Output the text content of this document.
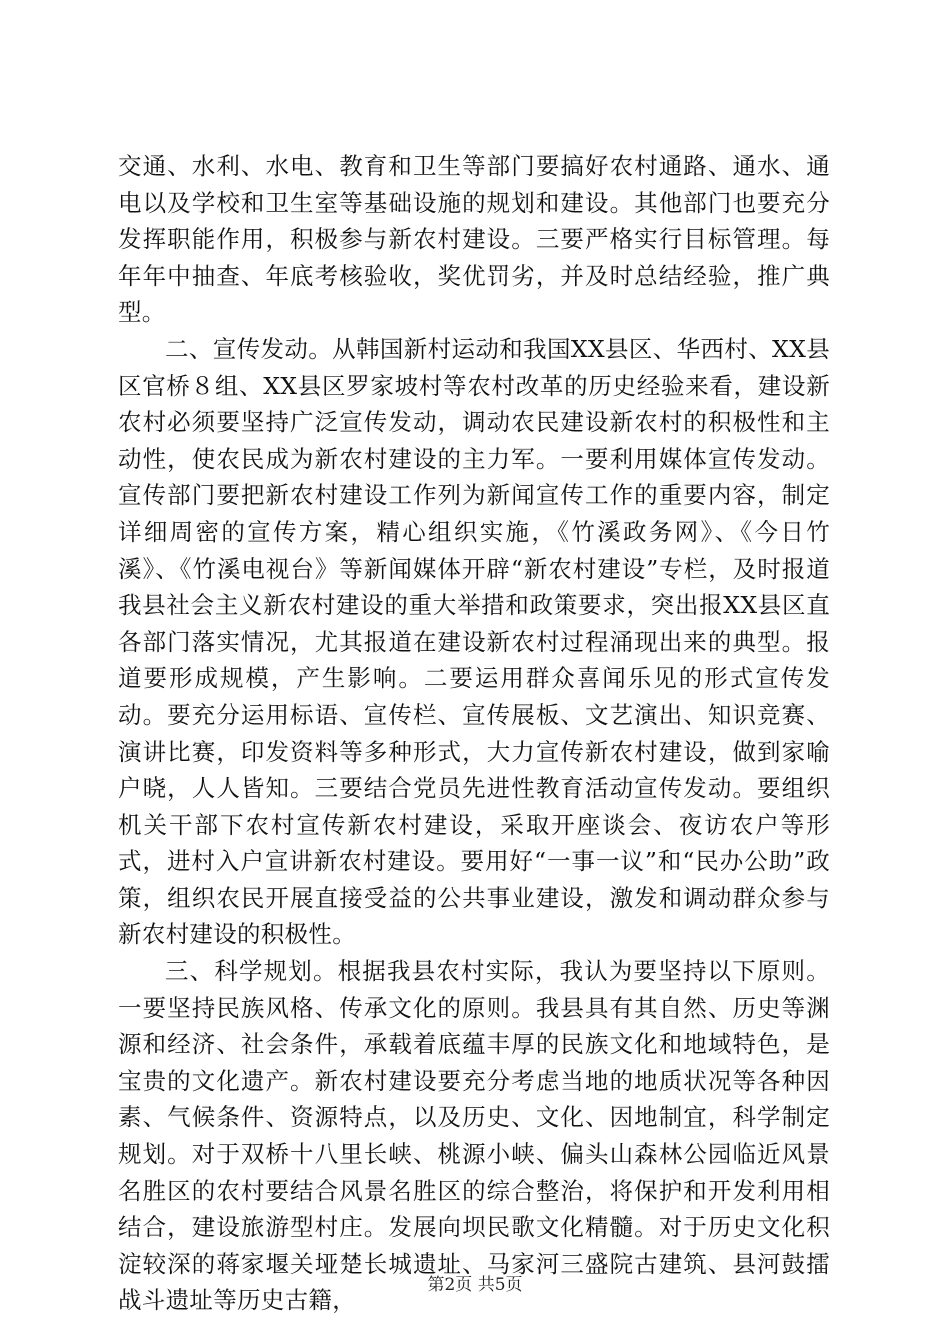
交通、水利、水电、教育和卫生等部门要搞好农村通路、通水、通电以及学校和卫生室等基础设施的规划和建设。其他部门也要充分发挥职能作用，积极参与新农村建设。三要严格实行目标管理。每年年中抽查、年底考核验收，奖优罚劣，并及时总结经验，推广典型。

二、宣传发动。从韩国新村运动和我国XX县区、华西村、XX县区官桥８组、XX县区罗家坡村等农村改革的历史经验来看，建设新农村必须要坚持广泛宣传发动，调动农民建设新农村的积极性和主动性，使农民成为新农村建设的主力军。一要利用媒体宣传发动。宣传部门要把新农村建设工作列为新闻宣传工作的重要内容，制定详细周密的宣传方案，精心组织实施，《竹溪政务网》、《今日竹溪》、《竹溪电视台》等新闻媒体开辟“新农村建设”专栏，及时报道我县社会主义新农村建设的重大举措和政策要求，突出报XX县区直各部门落实情况，尤其报道在建设新农村过程涌现出来的典型。报道要形成规模，产生影响。二要运用群众喜闻乐见的形式宣传发动。要充分运用标语、宣传栏、宣传展板、文艺演出、知识竞赛、演讲比赛，印发资料等多种形式，大力宣传新农村建设，做到家喻户晓，人人皆知。三要结合党员先进性教育活动宣传发动。要组织机关干部下农村宣传新农村建设，采取开座谈会、夜访农户等形式，进村入户宣讲新农村建设。要用好“一事一议”和“民办公助”政策，组织农民开展直接受益的公共事业建设，激发和调动群众参与新农村建设的积极性。

三、科学规划。根据我县农村实际，我认为要坚持以下原则。一要坚持民族风格、传承文化的原则。我县具有其自然、历史等渊源和经济、社会条件，承载着底蕴丰厚的民族文化和地域特色，是宝贵的文化遗产。新农村建设要充分考虑当地的地质状况等各种因素、气候条件、资源特点，以及历史、文化、因地制宜，科学制定规划。对于双桥十八里长峡、桃源小峡、偏头山森林公园临近风景名胜区的农村要结合风景名胜区的综合整治，将保护和开发利用相结合，建设旅游型村庄。发展向坝民歌文化精髓。对于历史文化积淀较深的蒋家堰关垭楚长城遗址、马家河三盛院古建筑、县河鼓擂战斗遗址等历史古籍，

第2页 共5页
